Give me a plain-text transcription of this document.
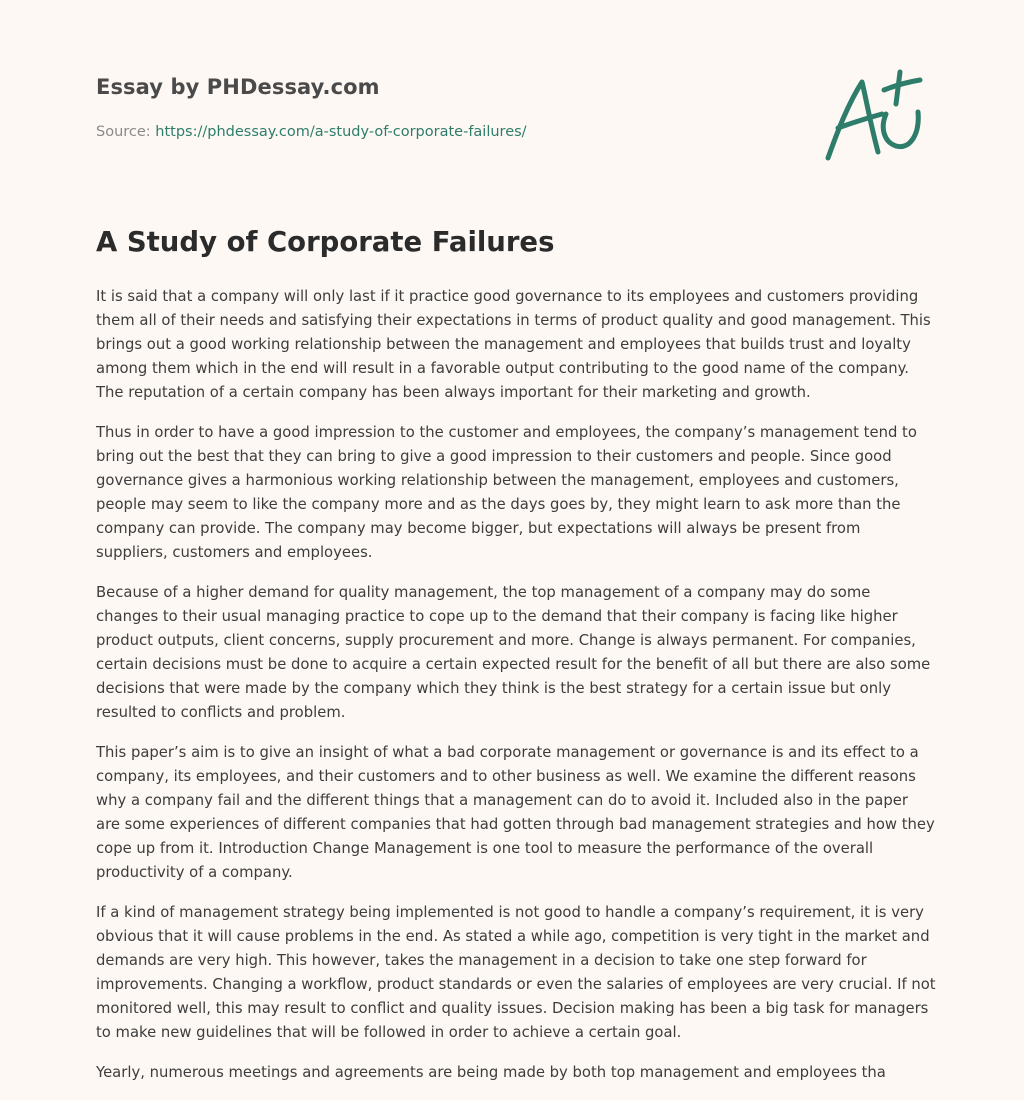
Essay by PHDessay.com
Source: https://phdessay.com/a-study-of-corporate-failures/
A Study of Corporate Failures

It is said that a company will only last if it practice good governance to its employees and customers providing them all of their needs and satisfying their expectations in terms of product quality and good management. This brings out a good working relationship between the management and employees that builds trust and loyalty among them which in the end will result in a favorable output contributing to the good name of the company. The reputation of a certain company has been always important for their marketing and growth.

Thus in order to have a good impression to the customer and employees, the company’s management tend to bring out the best that they can bring to give a good impression to their customers and people. Since good governance gives a harmonious working relationship between the management, employees and customers, people may seem to like the company more and as the days goes by, they might learn to ask more than the company can provide. The company may become bigger, but expectations will always be present from suppliers, customers and employees.

Because of a higher demand for quality management, the top management of a company may do some changes to their usual managing practice to cope up to the demand that their company is facing like higher product outputs, client concerns, supply procurement and more. Change is always permanent. For companies, certain decisions must be done to acquire a certain expected result for the benefit of all but there are also some decisions that were made by the company which they think is the best strategy for a certain issue but only resulted to conflicts and problem.

This paper’s aim is to give an insight of what a bad corporate management or governance is and its effect to a company, its employees, and their customers and to other business as well. We examine the different reasons why a company fail and the different things that a management can do to avoid it. Included also in the paper are some experiences of different companies that had gotten through bad management strategies and how they cope up from it. Introduction Change Management is one tool to measure the performance of the overall productivity of a company.

If a kind of management strategy being implemented is not good to handle a company’s requirement, it is very obvious that it will cause problems in the end. As stated a while ago, competition is very tight in the market and demands are very high. This however, takes the management in a decision to take one step forward for improvements. Changing a workflow, product standards or even the salaries of employees are very crucial. If not monitored well, this may result to conflict and quality issues. Decision making has been a big task for managers to make new guidelines that will be followed in order to achieve a certain goal.

Yearly, numerous meetings and agreements are being made by both top management and employees tha
